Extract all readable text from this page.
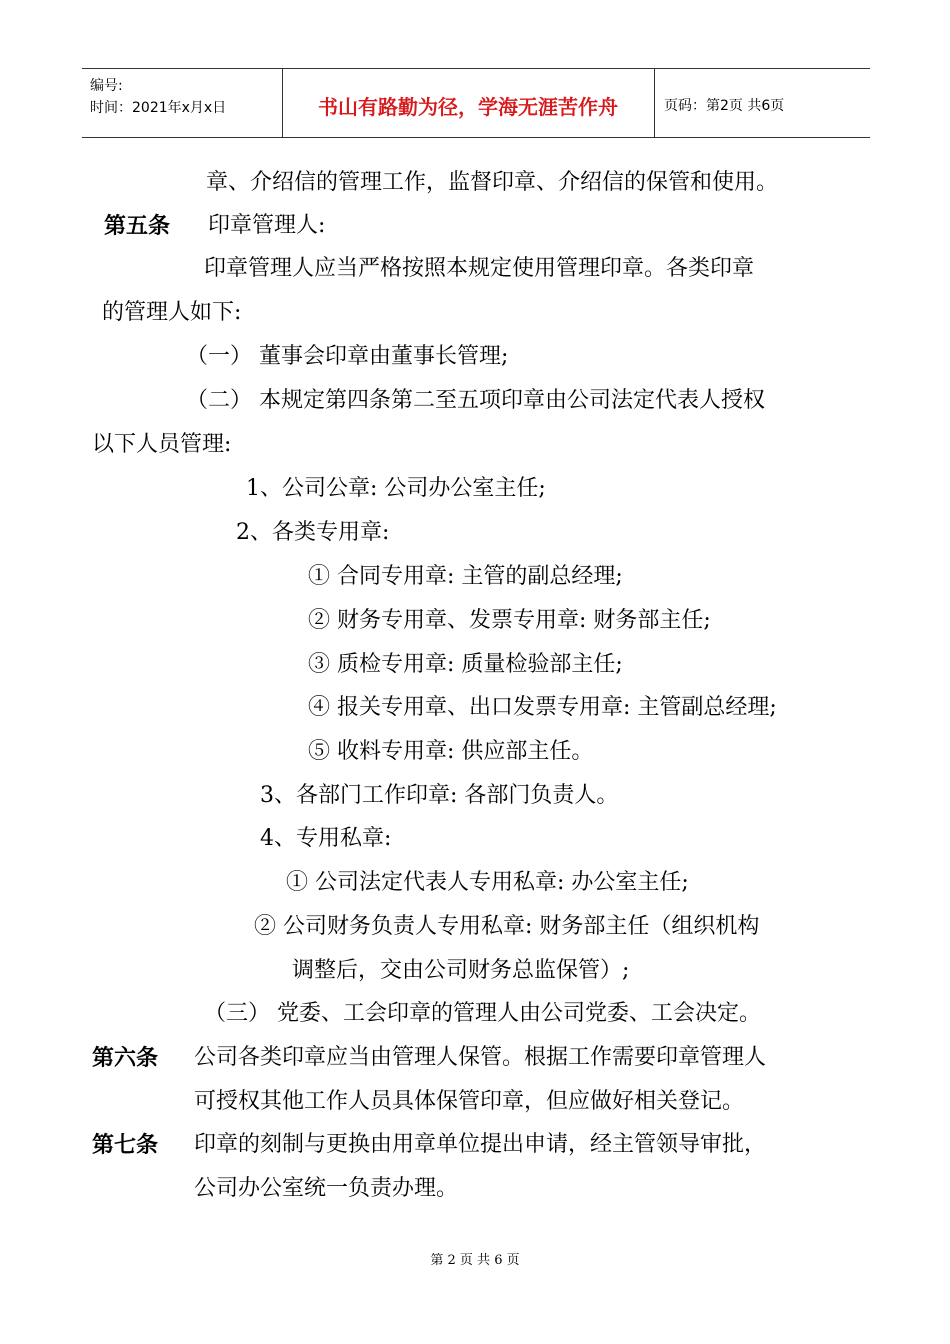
编号:
时间：2021年x月x日	书山有路勤为径，学海无涯苦作舟	页码：第2页 共6页
章、介绍信的管理工作，监督印章、介绍信的保管和使用。
第五条 印章管理人:
印章管理人应当严格按照本规定使用管理印章。各类印章
的管理人如下:
（一） 董事会印章由董事长管理;
（二） 本规定第四条第二至五项印章由公司法定代表人授权
以下人员管理:
1、公司公章: 公司办公室主任;
2、各类专用章:
① 合同专用章: 主管的副总经理;
② 财务专用章、发票专用章: 财务部主任;
③ 质检专用章: 质量检验部主任;
④ 报关专用章、出口发票专用章: 主管副总经理;
⑤ 收料专用章: 供应部主任。
3、各部门工作印章: 各部门负责人。
4、专用私章:
① 公司法定代表人专用私章: 办公室主任;
② 公司财务负责人专用私章: 财务部主任（组织机构
调整后，交由公司财务总监保管）;
（三） 党委、工会印章的管理人由公司党委、工会决定。
第六条 公司各类印章应当由管理人保管。根据工作需要印章管理人
可授权其他工作人员具体保管印章，但应做好相关登记。
第七条 印章的刻制与更换由用章单位提出申请，经主管领导审批，
公司办公室统一负责办理。
第 2 页 共 6 页
